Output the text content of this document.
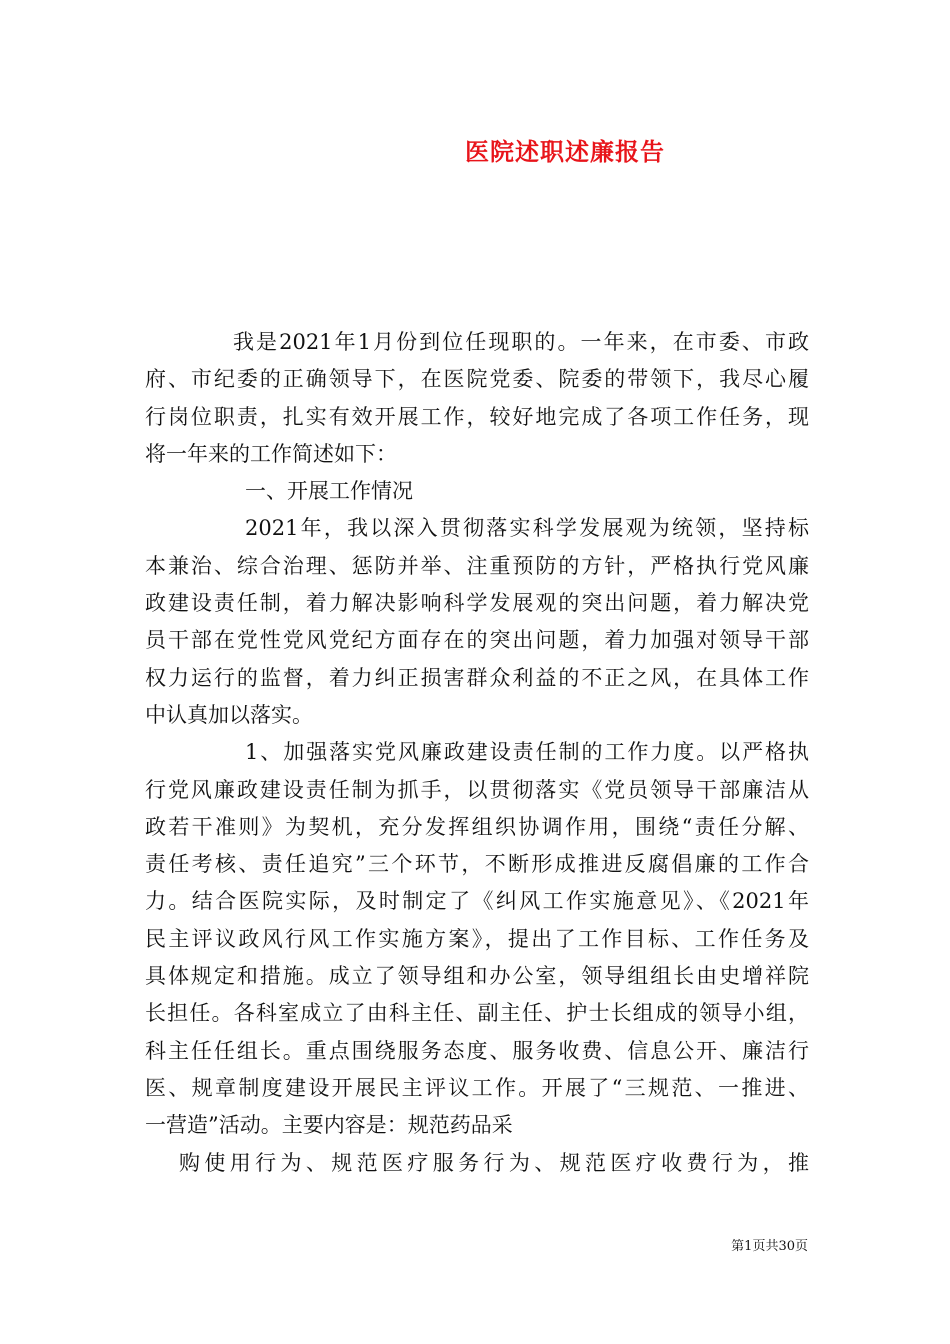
医院述职述廉报告
我是2021年1月份到位任现职的。一年来，在市委、市政
府、市纪委的正确领导下，在医院党委、院委的带领下，我尽心履
行岗位职责，扎实有效开展工作，较好地完成了各项工作任务，现
将一年来的工作简述如下：
一、开展工作情况
2021年，我以深入贯彻落实科学发展观为统领，坚持标
本兼治、综合治理、惩防并举、注重预防的方针，严格执行党风廉
政建设责任制，着力解决影响科学发展观的突出问题，着力解决党
员干部在党性党风党纪方面存在的突出问题，着力加强对领导干部
权力运行的监督，着力纠正损害群众利益的不正之风，在具体工作
中认真加以落实。
1、加强落实党风廉政建设责任制的工作力度。以严格执
行党风廉政建设责任制为抓手，以贯彻落实《党员领导干部廉洁从
政若干准则》为契机，充分发挥组织协调作用，围绕“责任分解、
责任考核、责任追究”三个环节，不断形成推进反腐倡廉的工作合
力。结合医院实际，及时制定了《纠风工作实施意见》、《2021年
民主评议政风行风工作实施方案》，提出了工作目标、工作任务及
具体规定和措施。成立了领导组和办公室，领导组组长由史增祥院
长担任。各科室成立了由科主任、副主任、护士长组成的领导小组，
科主任任组长。重点围绕服务态度、服务收费、信息公开、廉洁行
医、规章制度建设开展民主评议工作。开展了“三规范、一推进、
一营造”活动。主要内容是：规范药品采
购使用行为、规范医疗服务行为、规范医疗收费行为，推
第1页共30页
